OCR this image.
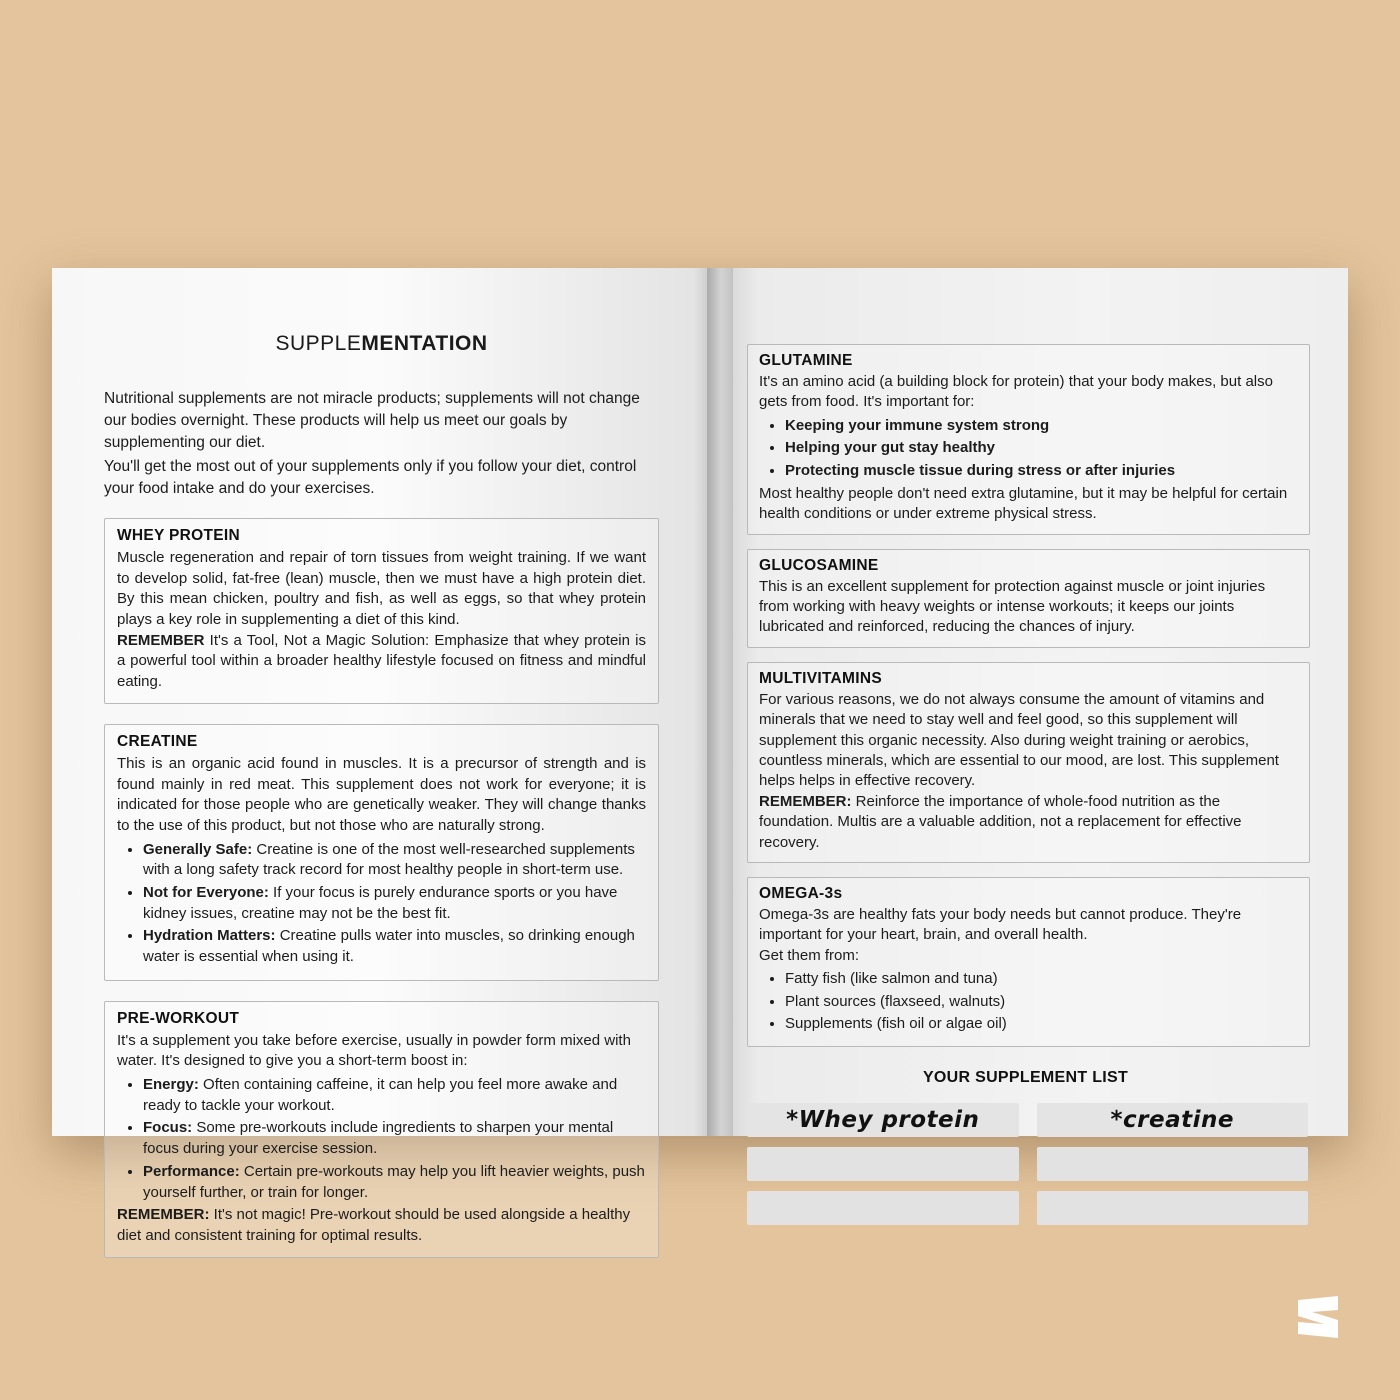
SUPPLEMENTATION

Nutritional supplements are not miracle products; supplements will not change our bodies overnight. These products will help us meet our goals by supplementing our diet.

You'll get the most out of your supplements only if you follow your diet, control your food intake and do your exercises.

WHEY PROTEIN

Muscle regeneration and repair of torn tissues from weight training. If we want to develop solid, fat-free (lean) muscle, then we must have a high protein diet. By this mean chicken, poultry and fish, as well as eggs, so that whey protein plays a key role in supplementing a diet of this kind.

REMEMBER It's a Tool, Not a Magic Solution: Emphasize that whey protein is a powerful tool within a broader healthy lifestyle focused on fitness and mindful eating.

CREATINE

This is an organic acid found in muscles. It is a precursor of strength and is found mainly in red meat. This supplement does not work for everyone; it is indicated for those people who are genetically weaker. They will change thanks to the use of this product, but not those who are naturally strong.

• Generally Safe: Creatine is one of the most well-researched supplements with a long safety track record for most healthy people in short-term use.
• Not for Everyone: If your focus is purely endurance sports or you have kidney issues, creatine may not be the best fit.
• Hydration Matters: Creatine pulls water into muscles, so drinking enough water is essential when using it.
PRE-WORKOUT

It's a supplement you take before exercise, usually in powder form mixed with water. It's designed to give you a short-term boost in:

• Energy: Often containing caffeine, it can help you feel more awake and ready to tackle your workout.
• Focus: Some pre-workouts include ingredients to sharpen your mental focus during your exercise session.
• Performance: Certain pre-workouts may help you lift heavier weights, push yourself further, or train for longer.

REMEMBER: It's not magic! Pre-workout should be used alongside a healthy diet and consistent training for optimal results.

GLUTAMINE

It's an amino acid (a building block for protein) that your body makes, but also gets from food. It's important for:

• Keeping your immune system strong
• Helping your gut stay healthy
• Protecting muscle tissue during stress or after injuries

Most healthy people don't need extra glutamine, but it may be helpful for certain health conditions or under extreme physical stress.

GLUCOSAMINE

This is an excellent supplement for protection against muscle or joint injuries from working with heavy weights or intense workouts; it keeps our joints lubricated and reinforced, reducing the chances of injury.

MULTIVITAMINS

For various reasons, we do not always consume the amount of vitamins and minerals that we need to stay well and feel good, so this supplement will supplement this organic necessity. Also during weight training or aerobics, countless minerals, which are essential to our mood, are lost. This supplement helps helps in effective recovery.

REMEMBER: Reinforce the importance of whole-food nutrition as the foundation. Multis are a valuable addition, not a replacement for effective recovery.

OMEGA-3s

Omega-3s are healthy fats your body needs but cannot produce. They're important for your heart, brain, and overall health.

Get them from:

• Fatty fish (like salmon and tuna)
• Plant sources (flaxseed, walnuts)
• Supplements (fish oil or algae oil)
YOUR SUPPLEMENT LIST
*Whey protein	*creatine
